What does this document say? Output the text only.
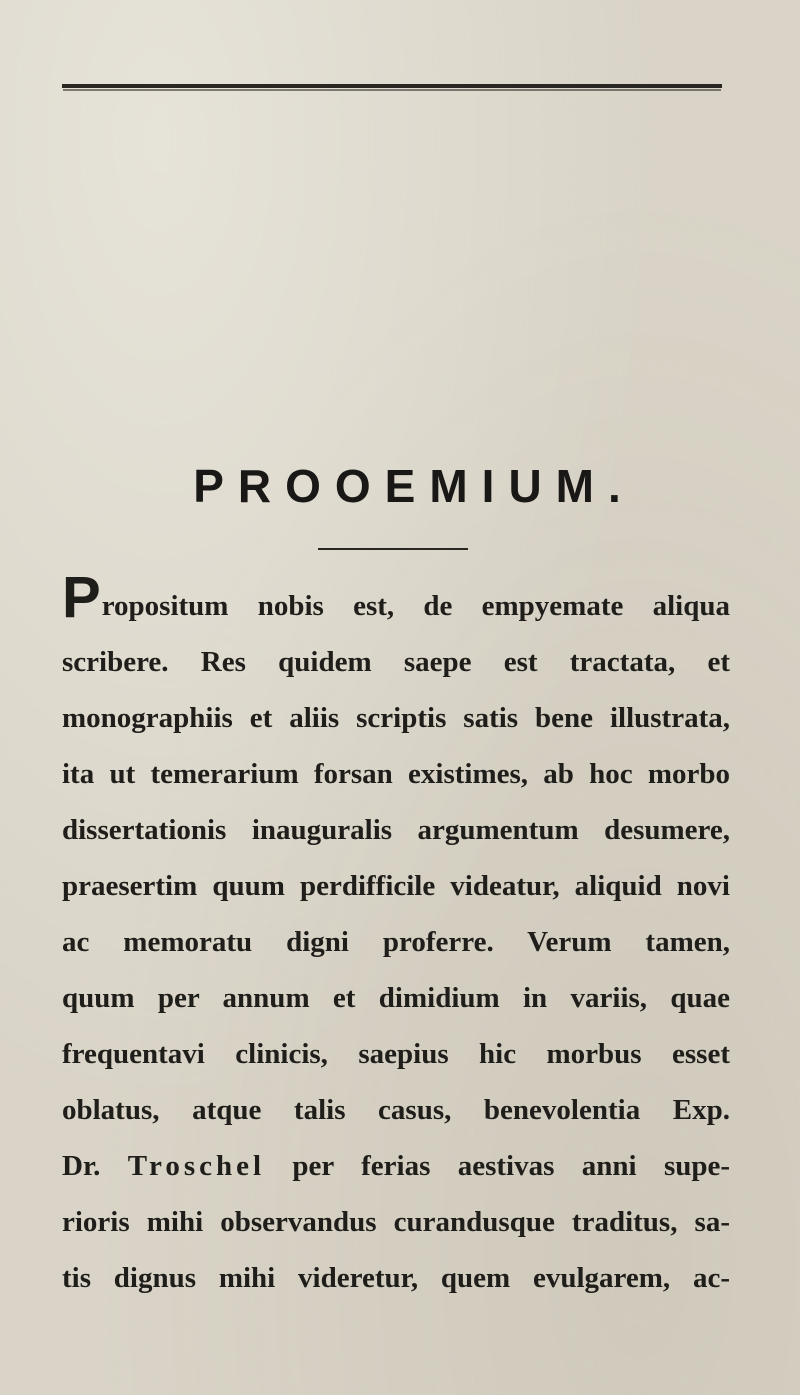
PROOEMIUM.
Propositum nobis est, de empyemate aliqua
scribere. Res quidem saepe est tractata, et
monographiis et aliis scriptis satis bene illustrata,
ita ut temerarium forsan existimes, ab hoc morbo
dissertationis inauguralis argumentum desumere,
praesertim quum perdifficile videatur, aliquid novi
ac memoratu digni proferre. Verum tamen,
quum per annum et dimidium in variis, quae
frequentavi clinicis, saepius hic morbus esset
oblatus, atque talis casus, benevolentia Exp.
Dr. Troschel per ferias aestivas anni supe-
rioris mihi observandus curandusque traditus, sa-
tis dignus mihi videretur, quem evulgarem, ac-
